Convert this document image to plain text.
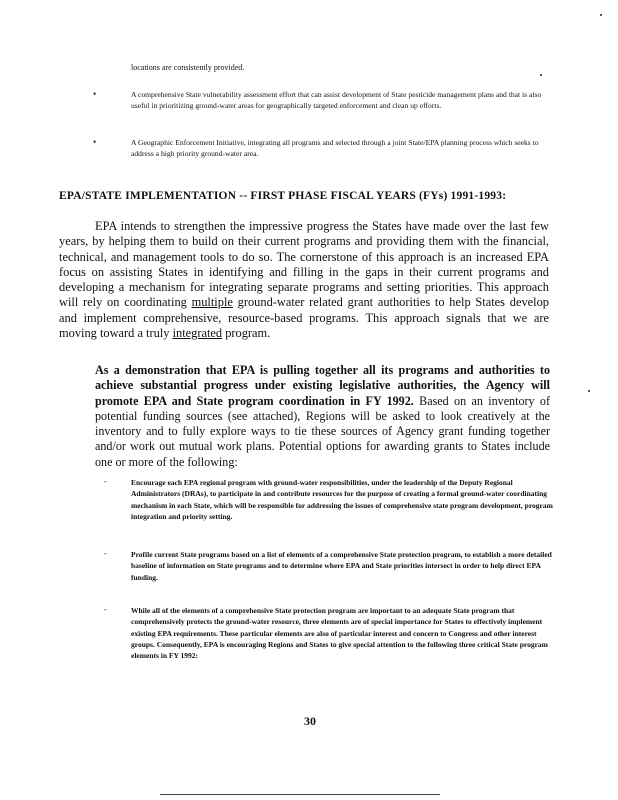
locations are consistently provided.
•	A comprehensive State vulnerability assessment effort that can assist development of State pesticide management plans and that is also useful in prioritizing ground-water areas for geographically targeted enforcement and clean up efforts.
•	A Geographic Enforcement Initiative, integrating all programs and selected through a joint State/EPA planning process which seeks to address a high priority ground-water area.
EPA/STATE IMPLEMENTATION -- FIRST PHASE FISCAL YEARS (FYs) 1991-1993:
EPA intends to strengthen the impressive progress the States have made over the last few years, by helping them to build on their current programs and providing them with the financial, technical, and management tools to do so. The cornerstone of this approach is an increased EPA focus on assisting States in identifying and filling in the gaps in their current programs and developing a mechanism for integrating separate programs and setting priorities. This approach will rely on coordinating multiple ground-water related grant authorities to help States develop and implement comprehensive, resource-based programs. This approach signals that we are moving toward a truly integrated program.
As a demonstration that EPA is pulling together all its programs and authorities to achieve substantial progress under existing legislative authorities, the Agency will promote EPA and State program coordination in FY 1992. Based on an inventory of potential funding sources (see attached), Regions will be asked to look creatively at the inventory and to fully explore ways to tie these sources of Agency grant funding together and/or work out mutual work plans. Potential options for awarding grants to States include one or more of the following:
-	Encourage each EPA regional program with ground-water responsibilities, under the leadership of the Deputy Regional Administrators (DRAs), to participate in and contribute resources for the purpose of creating a formal ground-water coordinating mechanism in each State, which will be responsible for addressing the issues of comprehensive state program development, program integration and priority setting.
-	Profile current State programs based on a list of elements of a comprehensive State protection program, to establish a more detailed baseline of information on State programs and to determine where EPA and State priorities intersect in order to help direct EPA funding.
-	While all of the elements of a comprehensive State protection program are important to an adequate State program that comprehensively protects the ground-water resource, three elements are of special importance for States to effectively implement existing EPA requirements. These particular elements are also of particular interest and concern to Congress and other interest groups. Consequently, EPA is encouraging Regions and States to give special attention to the following three critical State program elements in FY 1992:
30
